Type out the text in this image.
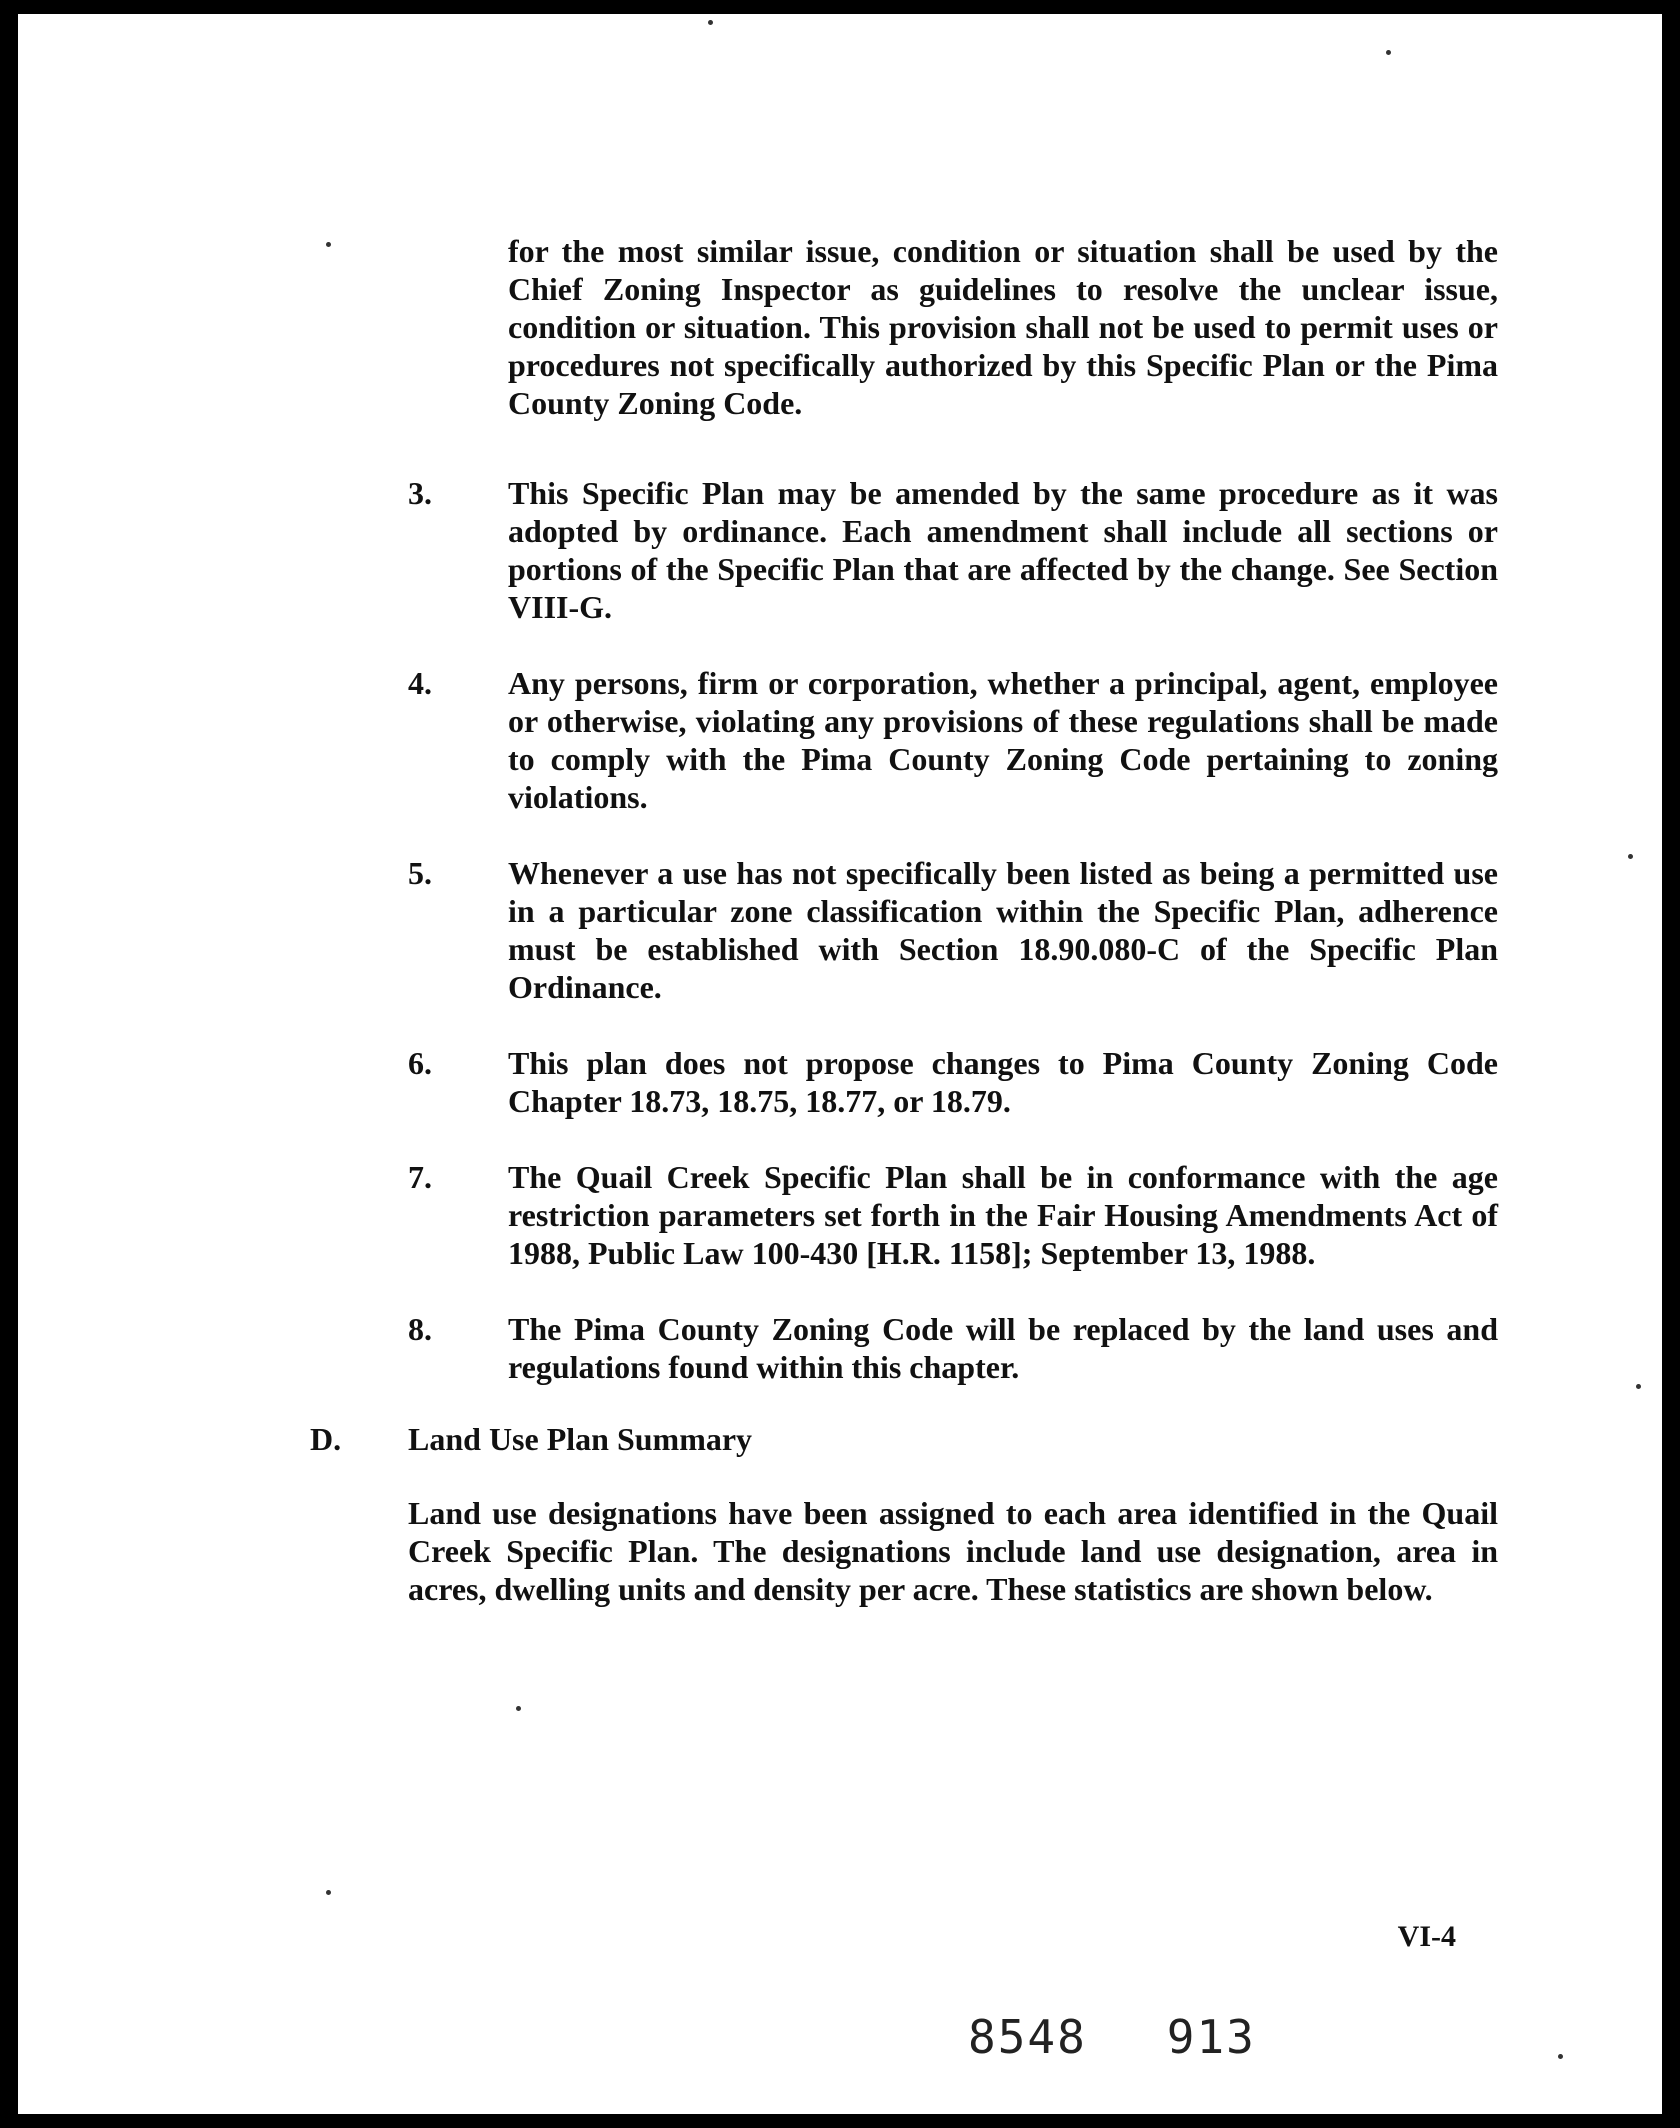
for the most similar issue, condition or situation shall be used by the Chief Zoning Inspector as guidelines to resolve the unclear issue, condition or situation. This provision shall not be used to permit uses or procedures not specifically authorized by this Specific Plan or the Pima County Zoning Code.

3.	This Specific Plan may be amended by the same procedure as it was adopted by ordinance. Each amendment shall include all sections or portions of the Specific Plan that are affected by the change. See Section VIII-G.
4.	Any persons, firm or corporation, whether a principal, agent, employee or otherwise, violating any provisions of these regulations shall be made to comply with the Pima County Zoning Code pertaining to zoning violations.
5.	Whenever a use has not specifically been listed as being a permitted use in a particular zone classification within the Specific Plan, adherence must be established with Section 18.90.080-C of the Specific Plan Ordinance.
6.	This plan does not propose changes to Pima County Zoning Code Chapter 18.73, 18.75, 18.77, or 18.79.
7.	The Quail Creek Specific Plan shall be in conformance with the age restriction parameters set forth in the Fair Housing Amendments Act of 1988, Public Law 100-430 [H.R. 1158]; September 13, 1988.
8.	The Pima County Zoning Code will be replaced by the land uses and regulations found within this chapter.
D. Land Use Plan Summary

Land use designations have been assigned to each area identified in the Quail Creek Specific Plan. The designations include land use designation, area in acres, dwelling units and density per acre. These statistics are shown below.

VI-4
8548 913
